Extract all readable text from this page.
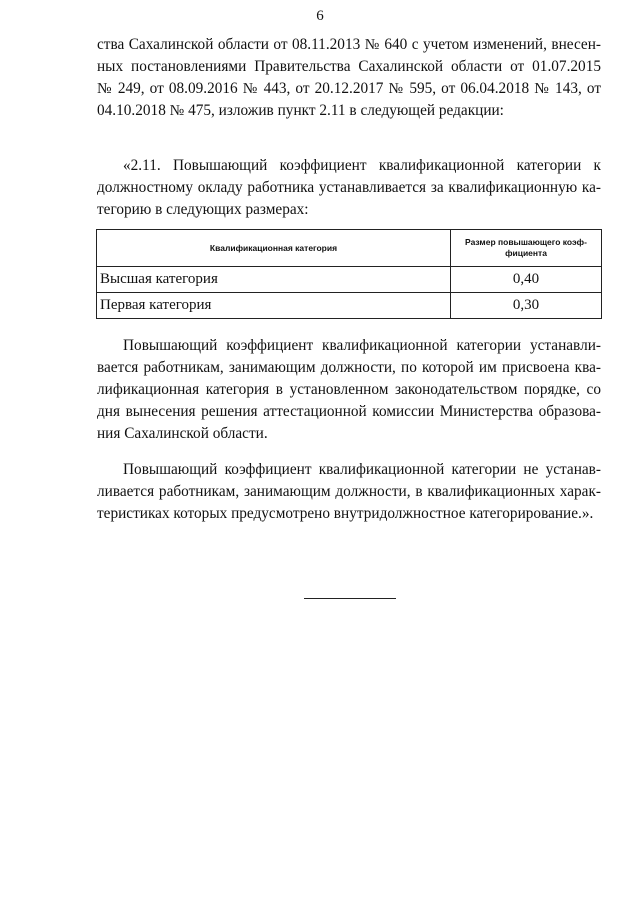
6
ства Сахалинской области от 08.11.2013 № 640 с учетом изменений, внесен-
ных постановлениями Правительства Сахалинской области от 01.07.2015
№ 249, от 08.09.2016 № 443, от 20.12.2017 № 595, от 06.04.2018 № 143, от
04.10.2018 № 475, изложив пункт 2.11 в следующей редакции:
«2.11. Повышающий коэффициент квалификационной категории к
должностному окладу работника устанавливается за квалификационную ка-
тегорию в следующих размерах:
Квалификационная категория	Размер повышающего коэф-
фициента
Высшая категория	0,40
Первая категория	0,30
Повышающий коэффициент квалификационной категории устанавли-
вается работникам, занимающим должности, по которой им присвоена ква-
лификационная категория в установленном законодательством порядке, со
дня вынесения решения аттестационной комиссии Министерства образова-
ния Сахалинской области.
Повышающий коэффициент квалификационной категории не устанав-
ливается работникам, занимающим должности, в квалификационных харак-
теристиках которых предусмотрено внутридолжностное категорирование.».
